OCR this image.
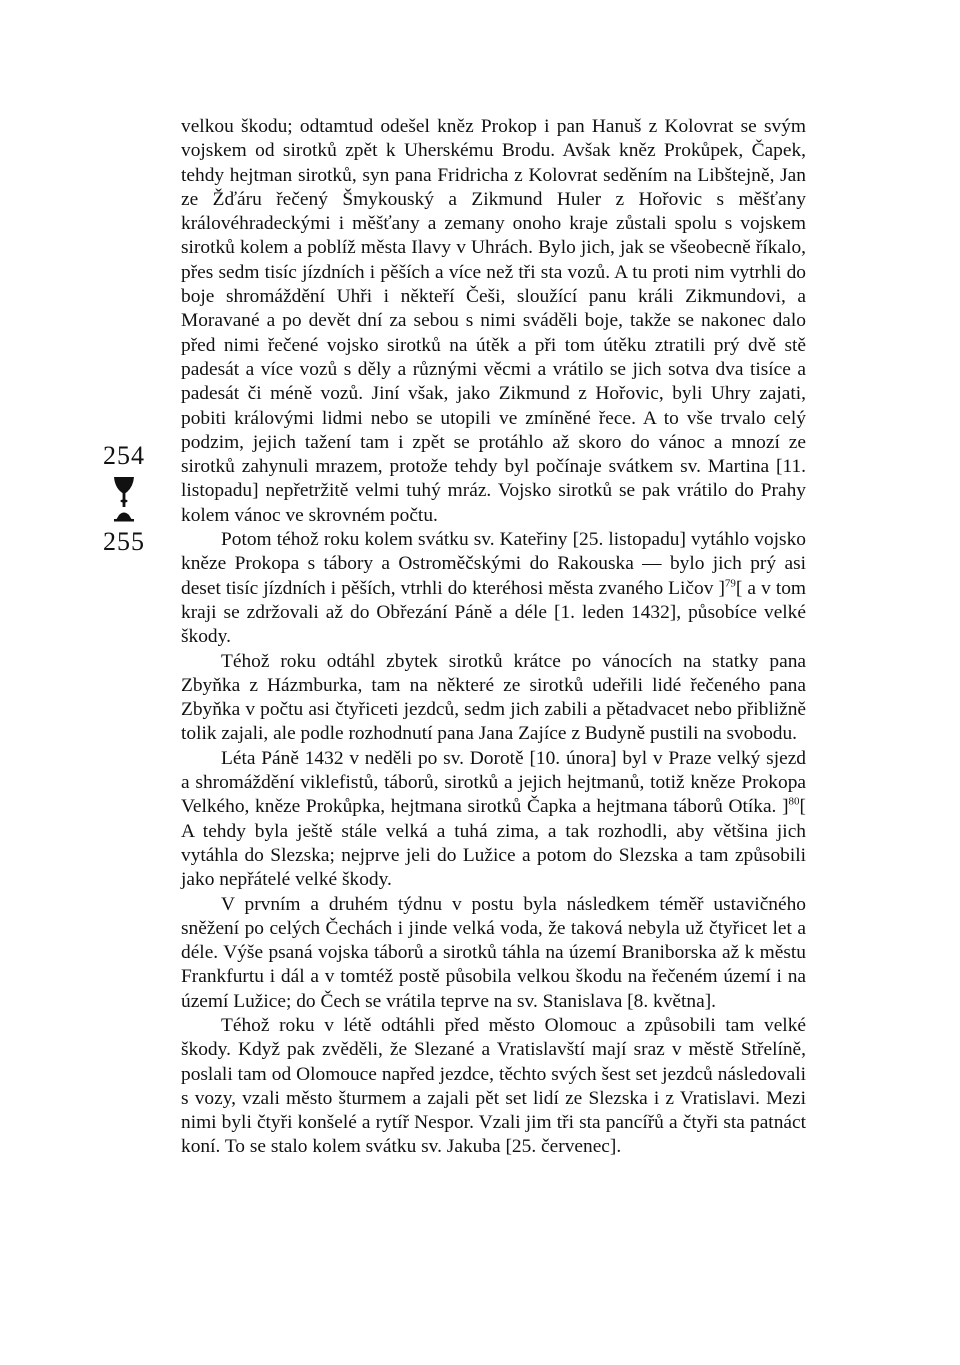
254
255

velkou škodu; odtamtud odešel kněz Prokop i pan Hanuš z Kolovrat se svým vojskem od sirotků zpět k Uherskému Brodu. Avšak kněz Prokůpek, Čapek, tehdy hejtman sirotků, syn pana Fridricha z Kolovrat seděním na Libštejně, Jan ze Žďáru řečený Šmykouský a Zikmund Huler z Hořovic s měšťany královéhradeckými i měšťany a zemany onoho kraje zůstali spolu s vojskem sirotků kolem a poblíž města Ilavy v Uhrách. Bylo jich, jak se všeobecně říkalo, přes sedm tisíc jízdních i pěších a více než tři sta vozů. A tu proti nim vytrhli do boje shromáždění Uhři i někteří Češi, sloužící panu králi Zikmundovi, a Moravané a po devět dní za sebou s nimi sváděli boje, takže se nakonec dalo před nimi řečené vojsko sirotků na útěk a při tom útěku ztratili prý dvě stě padesát a více vozů s děly a různými věcmi a vrátilo se jich sotva dva tisíce a padesát či méně vozů. Jiní však, jako Zikmund z Hořovic, byli Uhry zajati, pobiti královými lidmi nebo se utopili ve zmíněné řece. A to vše trvalo celý podzim, jejich tažení tam i zpět se protáhlo až skoro do vánoc a mnozí ze sirotků zahynuli mrazem, protože tehdy byl počínaje svátkem sv. Martina [11. listopadu] nepřetržitě velmi tuhý mráz. Vojsko sirotků se pak vrátilo do Prahy kolem vánoc ve skrovném počtu.

Potom téhož roku kolem svátku sv. Kateřiny [25. listopadu] vytáhlo vojsko kněze Prokopa s tábory a Ostroměčskými do Rakouska — bylo jich prý asi deset tisíc jízdních i pěších, vtrhli do kteréhosi města zvaného Ličov ]$^{79}$[ a v tom kraji se zdržovali až do Obřezání Páně a déle [1. leden 1432], působíce velké škody.

Téhož roku odtáhl zbytek sirotků krátce po vánocích na statky pana Zbyňka z Házmburka, tam na některé ze sirotků udeřili lidé řečeného pana Zbyňka v počtu asi čtyřiceti jezdců, sedm jich zabili a pětadvacet nebo přibližně tolik zajali, ale podle rozhodnutí pana Jana Zajíce z Budyně pustili na svobodu.

Léta Páně 1432 v neděli po sv. Dorotě [10. února] byl v Praze velký sjezd a shromáždění viklefistů, táborů, sirotků a jejich hejtmanů, totiž kněze Prokopa Velkého, kněze Prokůpka, hejtmana sirotků Čapka a hejtmana táborů Otíka. ]$^{80}$[ A tehdy byla ještě stále velká a tuhá zima, a tak rozhodli, aby většina jich vytáhla do Slezska; nejprve jeli do Lužice a potom do Slezska a tam způsobili jako nepřátelé velké škody.

V prvním a druhém týdnu v postu byla následkem téměř ustavičného sněžení po celých Čechách i jinde velká voda, že taková nebyla už čtyřicet let a déle. Výše psaná vojska táborů a sirotků táhla na území Braniborska až k městu Frankfurtu i dál a v tomtéž postě působila velkou škodu na řečeném území i na území Lužice; do Čech se vrátila teprve na sv. Stanislava [8. května].

Téhož roku v létě odtáhli před město Olomouc a způsobili tam velké škody. Když pak zvěděli, že Slezané a Vratislavští mají sraz v městě Střelíně, poslali tam od Olomouce napřed jezdce, těchto svých šest set jezdců následovali s vozy, vzali město šturmem a zajali pět set lidí ze Slezska i z Vratislavi. Mezi nimi byli čtyři konšelé a rytíř Nespor. Vzali jim tři sta pancířů a čtyři sta patnáct koní. To se stalo kolem svátku sv. Jakuba [25. červenec].
